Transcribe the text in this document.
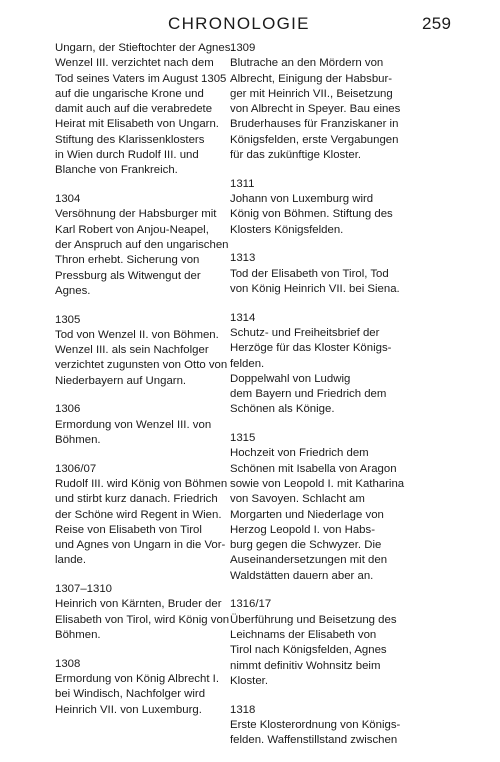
CHRONOLOGIE	259
Ungarn, der Stieftochter der Agnes.
Wenzel III. verzichtet nach dem
Tod seines Vaters im August 1305
auf die ungarische Krone und
damit auch auf die verabredete
Heirat mit Elisabeth von Ungarn.
Stiftung des Klarissenklosters
in Wien durch Rudolf III. und
Blanche von Frankreich.
1304
Versöhnung der Habsburger mit
Karl Robert von Anjou-Neapel,
der Anspruch auf den ungarischen
Thron erhebt. Sicherung von
Pressburg als Witwengut der
Agnes.
1305
Tod von Wenzel II. von Böhmen.
Wenzel III. als sein Nachfolger
verzichtet zugunsten von Otto von
Niederbayern auf Ungarn.
1306
Ermordung von Wenzel III. von
Böhmen.
1306/07
Rudolf III. wird König von Böhmen
und stirbt kurz danach. Friedrich
der Schöne wird Regent in Wien.
Reise von Elisabeth von Tirol
und Agnes von Ungarn in die Vor-
lande.
1307–1310
Heinrich von Kärnten, Bruder der
Elisabeth von Tirol, wird König von
Böhmen.
1308
Ermordung von König Albrecht I.
bei Windisch, Nachfolger wird
Heinrich VII. von Luxemburg.
1309
Blutrache an den Mördern von
Albrecht, Einigung der Habsbur-
ger mit Heinrich VII., Beisetzung
von Albrecht in Speyer. Bau eines
Bruderhauses für Franziskaner in
Königsfelden, erste Vergabungen
für das zukünftige Kloster.
1311
Johann von Luxemburg wird
König von Böhmen. Stiftung des
Klosters Königsfelden.
1313
Tod der Elisabeth von Tirol, Tod
von König Heinrich VII. bei Siena.
1314
Schutz- und Freiheitsbrief der
Herzöge für das Kloster Königs-
felden.
Doppelwahl von Ludwig
dem Bayern und Friedrich dem
Schönen als Könige.
1315
Hochzeit von Friedrich dem
Schönen mit Isabella von Aragon
sowie von Leopold I. mit Katharina
von Savoyen. Schlacht am
Morgarten und Niederlage von
Herzog Leopold I. von Habs-
burg gegen die Schwyzer. Die
Auseinandersetzungen mit den
Waldstätten dauern aber an.
1316/17
Überführung und Beisetzung des
Leichnams der Elisabeth von
Tirol nach Königsfelden, Agnes
nimmt definitiv Wohnsitz beim
Kloster.
1318
Erste Klosterordnung von Königs-
felden. Waffenstillstand zwischen
